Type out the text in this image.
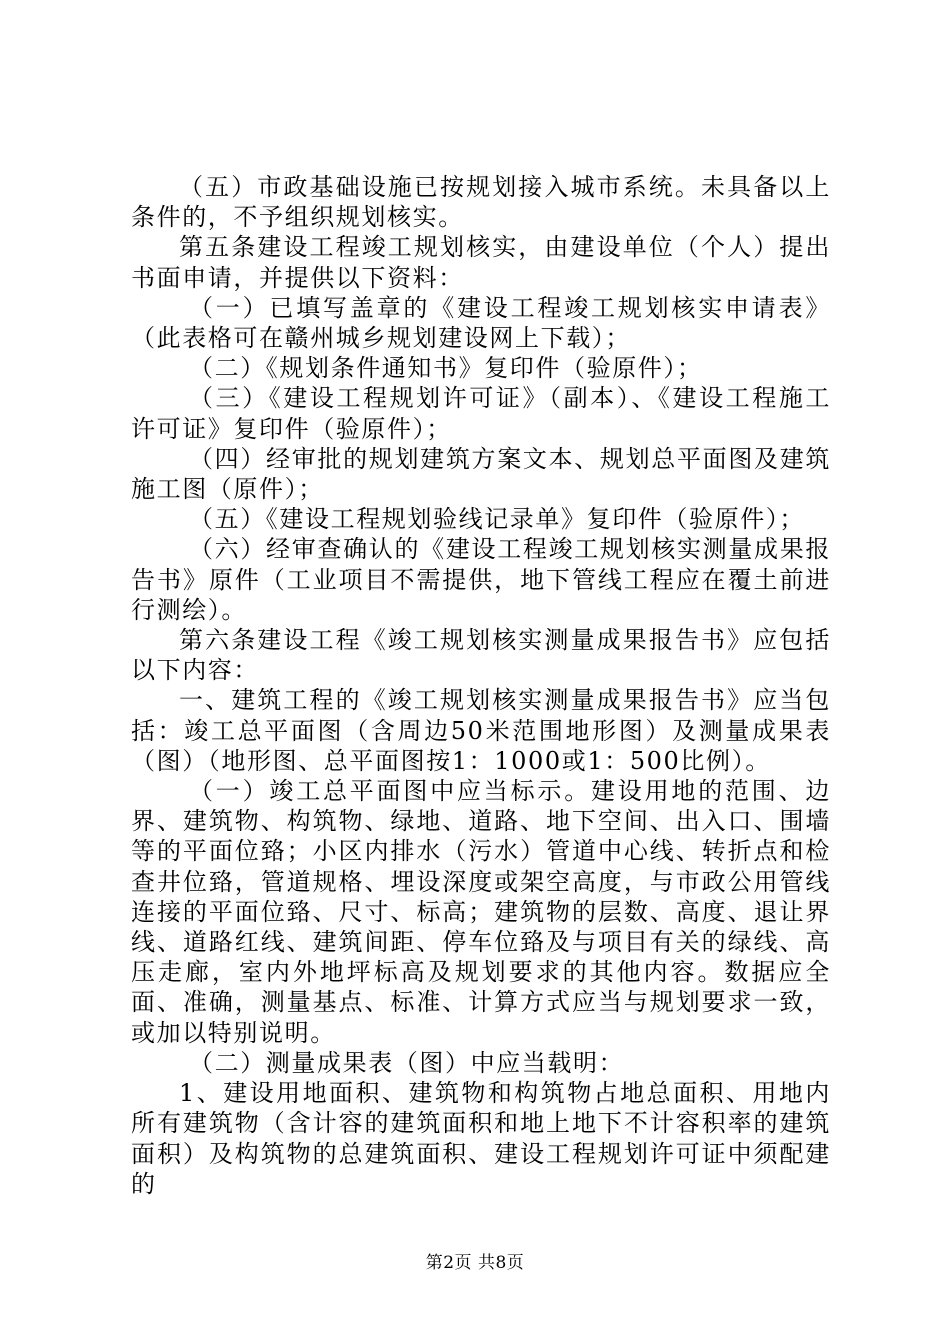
（五）市政基础设施已按规划接入城市系统。未具备以上条件的，不予组织规划核实。

第五条建设工程竣工规划核实，由建设单位（个人）提出书面申请，并提供以下资料：

（一）已填写盖章的《建设工程竣工规划核实申请表》（此表格可在赣州城乡规划建设网上下载）；

（二）《规划条件通知书》复印件（验原件）；

（三）《建设工程规划许可证》（副本）、《建设工程施工许可证》复印件（验原件）；

（四）经审批的规划建筑方案文本、规划总平面图及建筑施工图（原件）；

（五）《建设工程规划验线记录单》复印件（验原件）；

（六）经审查确认的《建设工程竣工规划核实测量成果报告书》原件（工业项目不需提供，地下管线工程应在覆土前进行测绘）。

第六条建设工程《竣工规划核实测量成果报告书》应包括以下内容：

一、建筑工程的《竣工规划核实测量成果报告书》应当包括：竣工总平面图（含周边50米范围地形图）及测量成果表（图）（地形图、总平面图按1：1000或1：500比例）。

（一）竣工总平面图中应当标示。建设用地的范围、边界、建筑物、构筑物、绿地、道路、地下空间、出入口、围墙等的平面位臵；小区内排水（污水）管道中心线、转折点和检查井位臵，管道规格、埋设深度或架空高度，与市政公用管线连接的平面位臵、尺寸、标高；建筑物的层数、高度、退让界线、道路红线、建筑间距、停车位臵及与项目有关的绿线、高压走廊，室内外地坪标高及规划要求的其他内容。数据应全面、准确，测量基点、标准、计算方式应当与规划要求一致，或加以特别说明。

（二）测量成果表（图）中应当载明：

1、建设用地面积、建筑物和构筑物占地总面积、用地内所有建筑物（含计容的建筑面积和地上地下不计容积率的建筑面积）及构筑物的总建筑面积、建设工程规划许可证中须配建的

第2页 共8页
